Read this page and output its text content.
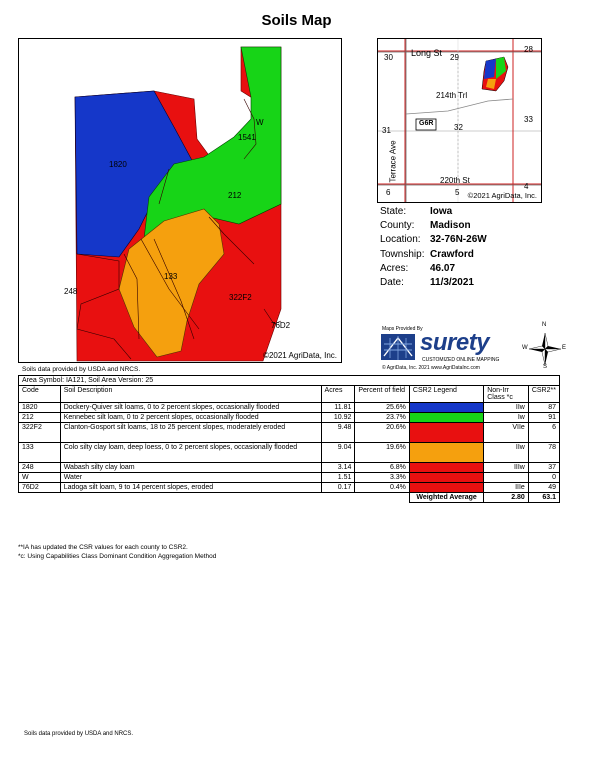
Soils Map
1820
212
133
248
322F2
76D2
1541
W
©2021 AgriData, Inc.
30 Long St 29
28
214th Trl
31
G6R	32
33
Terrace Ave	220th St
6	5
4
©2021 AgriData, Inc.
State:	Iowa
County:	Madison
Location: 32-76N-26W
Township: Crawford
Acres:	46.07
Date:	11/3/2021
Maps Provided By
surety
CUSTOMIZED ONLINE MAPPING
© AgriData, Inc. 2021 www.AgriDataInc.com
N
S
E
W
Soils data provided by USDA and NRCS.
Area Symbol: IA121, Soil Area Version: 25						
Code	Soil Description	Acres	Percent of field	CSR2 Legend	Non-Irr Class *c	CSR2**
1820	Dockery-Quiver silt loams, 0 to 2 percent slopes, occasionally flooded	11.81	25.6%		IIw	87
212	Kennebec silt loam, 0 to 2 percent slopes, occasionally flooded	10.92	23.7%		Iw	91
322F2	Clanton-Gosport silt loams, 18 to 25 percent slopes, moderately eroded	9.48	20.6%		VIIe	6
133	Colo silty clay loam, deep loess, 0 to 2 percent slopes, occasionally flooded	9.04	19.6%		IIw	78
248	Wabash silty clay loam	3.14	6.8%		IIIw	37
W	Water	1.51	3.3%			0
76D2	Ladoga silt loam, 9 to 14 percent slopes, eroded	0.17	0.4%		IIIe	49
				Weighted Average	2.80	63.1
**IA has updated the CSR values for each county to CSR2.
*c: Using Capabilities Class Dominant Condition Aggregation Method
Soils data provided by USDA and NRCS.
